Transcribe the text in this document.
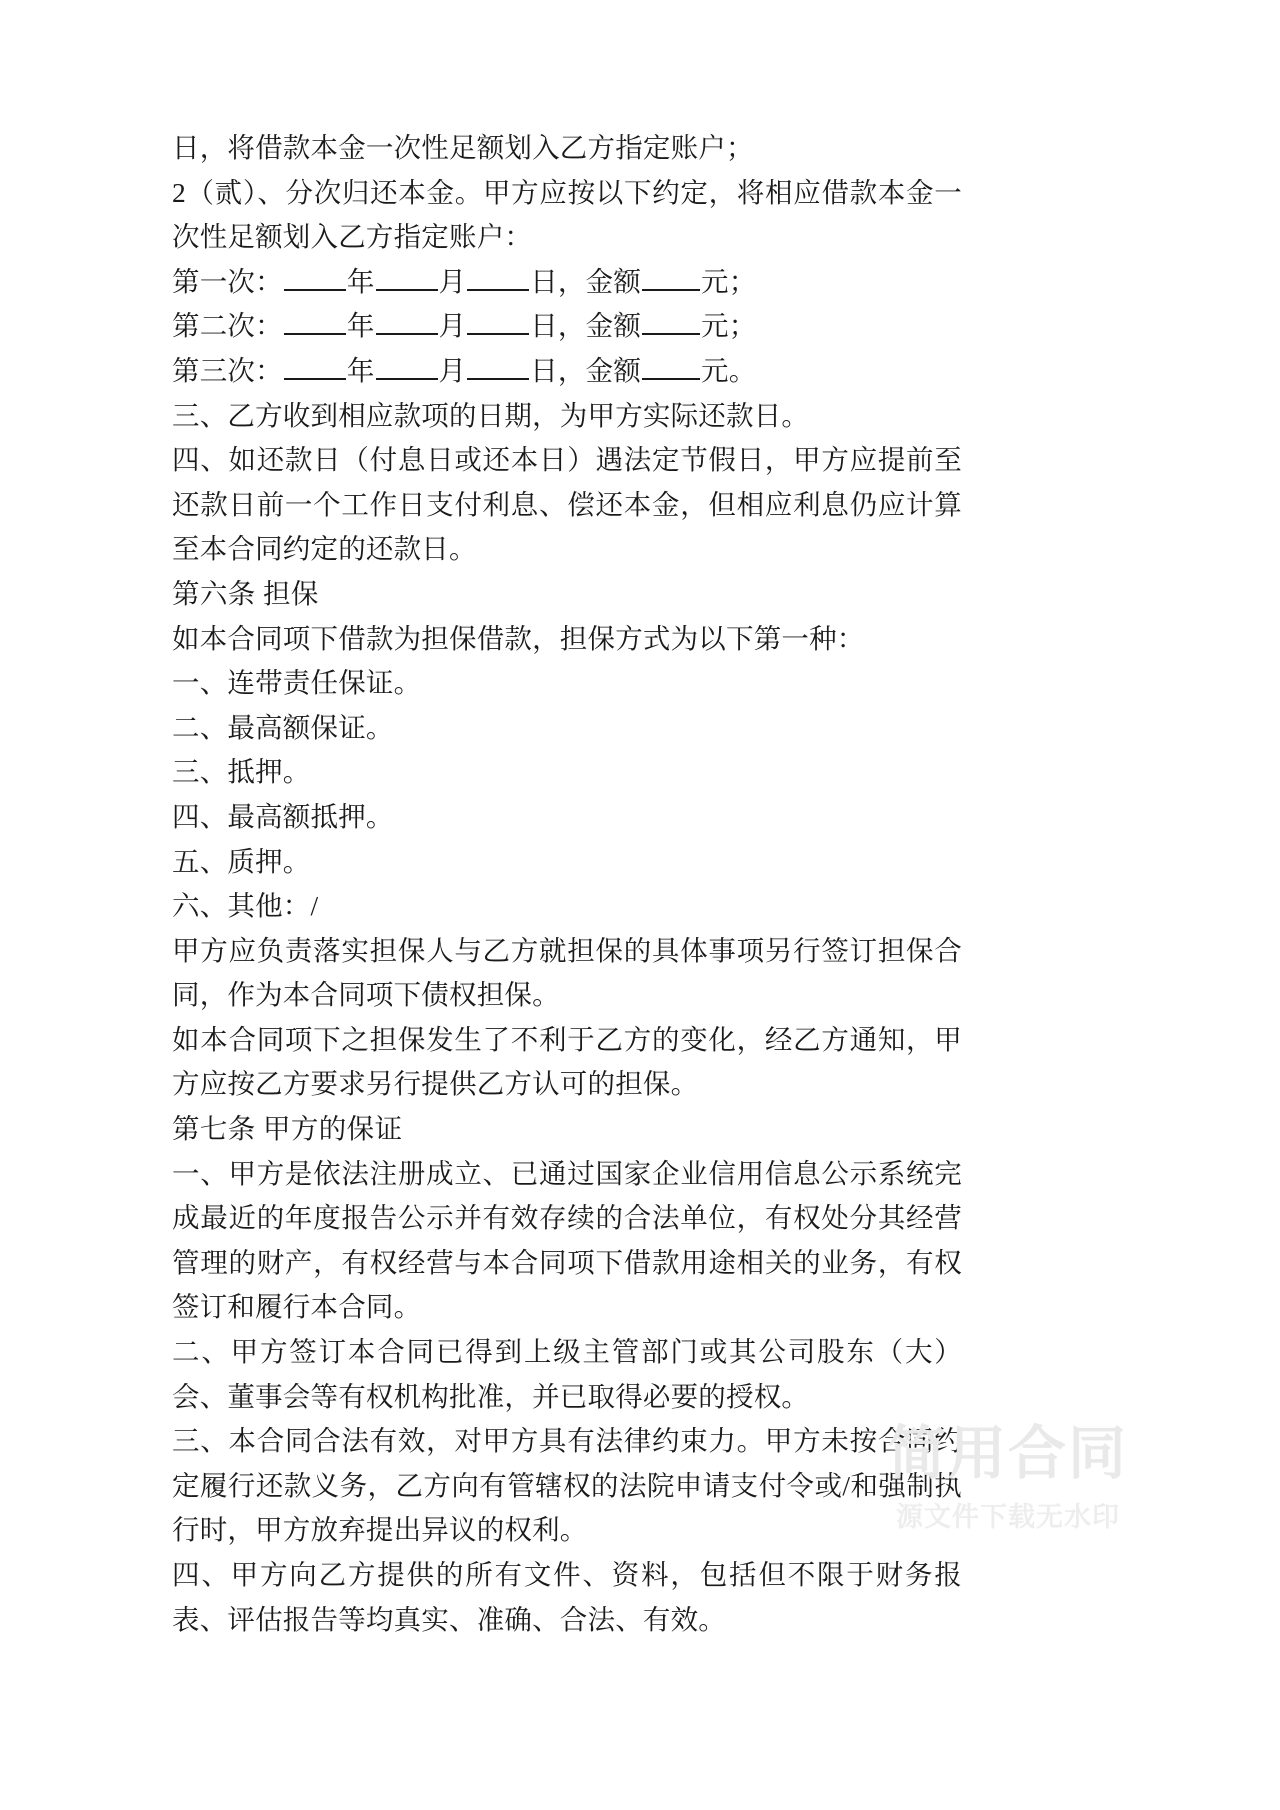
日，将借款本金一次性足额划入乙方指定账户；

2（贰）、分次归还本金。甲方应按以下约定，将相应借款本金一次性足额划入乙方指定账户：

第一次： 年 月 日，金额 元；

第二次： 年 月 日，金额 元；

第三次： 年 月 日，金额 元。

三、乙方收到相应款项的日期，为甲方实际还款日。

四、如还款日（付息日或还本日）遇法定节假日，甲方应提前至还款日前一个工作日支付利息、偿还本金，但相应利息仍应计算至本合同约定的还款日。

第六条 担保

如本合同项下借款为担保借款，担保方式为以下第一种：

一、连带责任保证。

二、最高额保证。

三、抵押。

四、最高额抵押。

五、质押。

六、其他：/

甲方应负责落实担保人与乙方就担保的具体事项另行签订担保合同，作为本合同项下债权担保。

如本合同项下之担保发生了不利于乙方的变化，经乙方通知，甲方应按乙方要求另行提供乙方认可的担保。

第七条 甲方的保证

一、甲方是依法注册成立、已通过国家企业信用信息公示系统完成最近的年度报告公示并有效存续的合法单位，有权处分其经营管理的财产，有权经营与本合同项下借款用途相关的业务，有权签订和履行本合同。

二、甲方签订本合同已得到上级主管部门或其公司股东（大）会、董事会等有权机构批准，并已取得必要的授权。

三、本合同合法有效，对甲方具有法律约束力。甲方未按合同约定履行还款义务，乙方向有管辖权的法院申请支付令或/和强制执行时，甲方放弃提出异议的权利。

四、甲方向乙方提供的所有文件、资料，包括但不限于财务报表、评估报告等均真实、准确、合法、有效。

简用合同
源文件下载无水印
